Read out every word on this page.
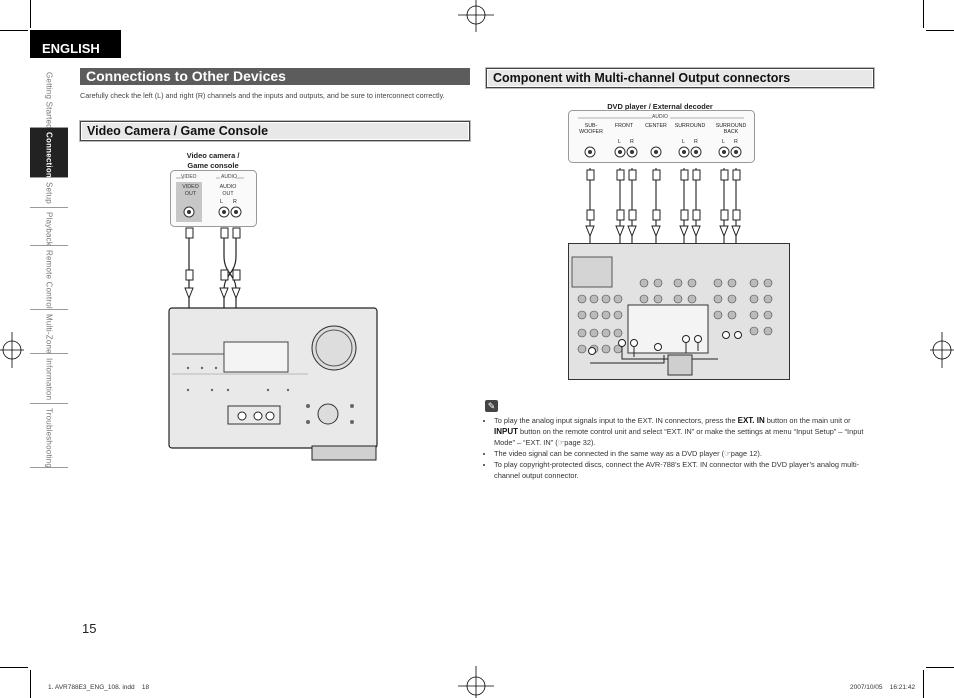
ENGLISH
Getting Started
Connections
Setup
Playback
Remote Control
Multi-Zone
Information
Troubleshooting
Connections to Other Devices
Carefully check the left (L) and right (R) channels and the inputs and outputs, and be sure to interconnect correctly.
Video Camera / Game Console
Video camera /
Game console
VIDEO	AUDIO
VIDEO
OUT
AUDIO
OUT
L R
Component with Multi-channel Output connectors
DVD player / External decoder
AUDIO
SUB-
WOOFER
FRONT	CENTER	SURROUND	SURROUND
BACK
L R	L R	L R
✎
• To play the analog input signals input to the EXT. IN connectors, press the EXT. IN button on the main unit or INPUT button on the remote control unit and select “EXT. IN” or make the settings at menu “Input Setup” – “Input Mode” – “EXT. IN” (☞page 32).
• The video signal can be connected in the same way as a DVD player (☞page 12).
• To play copyright-protected discs, connect the AVR-788’s EXT. IN connector with the DVD player’s analog multi-channel output connector.
15
1. AVR788E3_ENG_108. indd    18	2007/10/05    16:21:42
